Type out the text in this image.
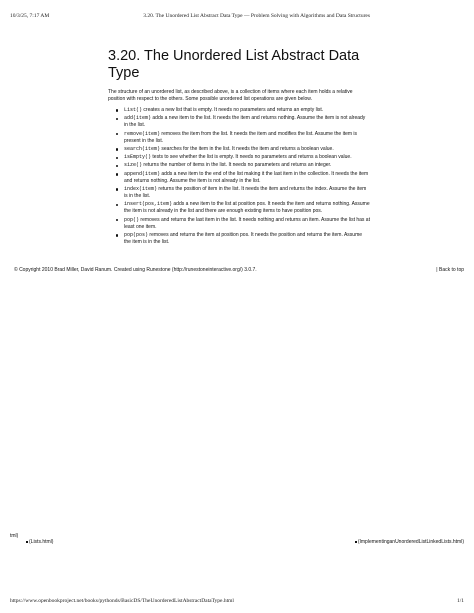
10/3/25, 7:17 AM	3.20. The Unordered List Abstract Data Type — Problem Solving with Algorithms and Data Structures
3.20. The Unordered List Abstract Data Type

The structure of an unordered list, as described above, is a collection of items where each item holds a relative position with respect to the others. Some possible unordered list operations are given below.

List() creates a new list that is empty. It needs no parameters and returns an empty list.
add(item) adds a new item to the list. It needs the item and returns nothing. Assume the item is not already in the list.
remove(item) removes the item from the list. It needs the item and modifies the list. Assume the item is present in the list.
search(item) searches for the item in the list. It needs the item and returns a boolean value.
isEmpty() tests to see whether the list is empty. It needs no parameters and returns a boolean value.
size() returns the number of items in the list. It needs no parameters and returns an integer.
append(item) adds a new item to the end of the list making it the last item in the collection. It needs the item and returns nothing. Assume the item is not already in the list.
index(item) returns the position of item in the list. It needs the item and returns the index. Assume the item is in the list.
insert(pos,item) adds a new item to the list at position pos. It needs the item and returns nothing. Assume the item is not already in the list and there are enough existing items to have position pos.
pop() removes and returns the last item in the list. It needs nothing and returns an item. Assume the list has at least one item.
pop(pos) removes and returns the item at position pos. It needs the position and returns the item. Assume the item is in the list.
© Copyright 2010 Brad Miller, David Ranum. Created using Runestone (http://runestoneinteractive.org/) 3.0.7.	| Back to top
tml)
(Lists.html)	(ImplementinganUnorderedListLinkedLists.html)
https://www.openbookproject.net/books/pythonds/BasicDS/TheUnorderedListAbstractDataType.html	1/1
